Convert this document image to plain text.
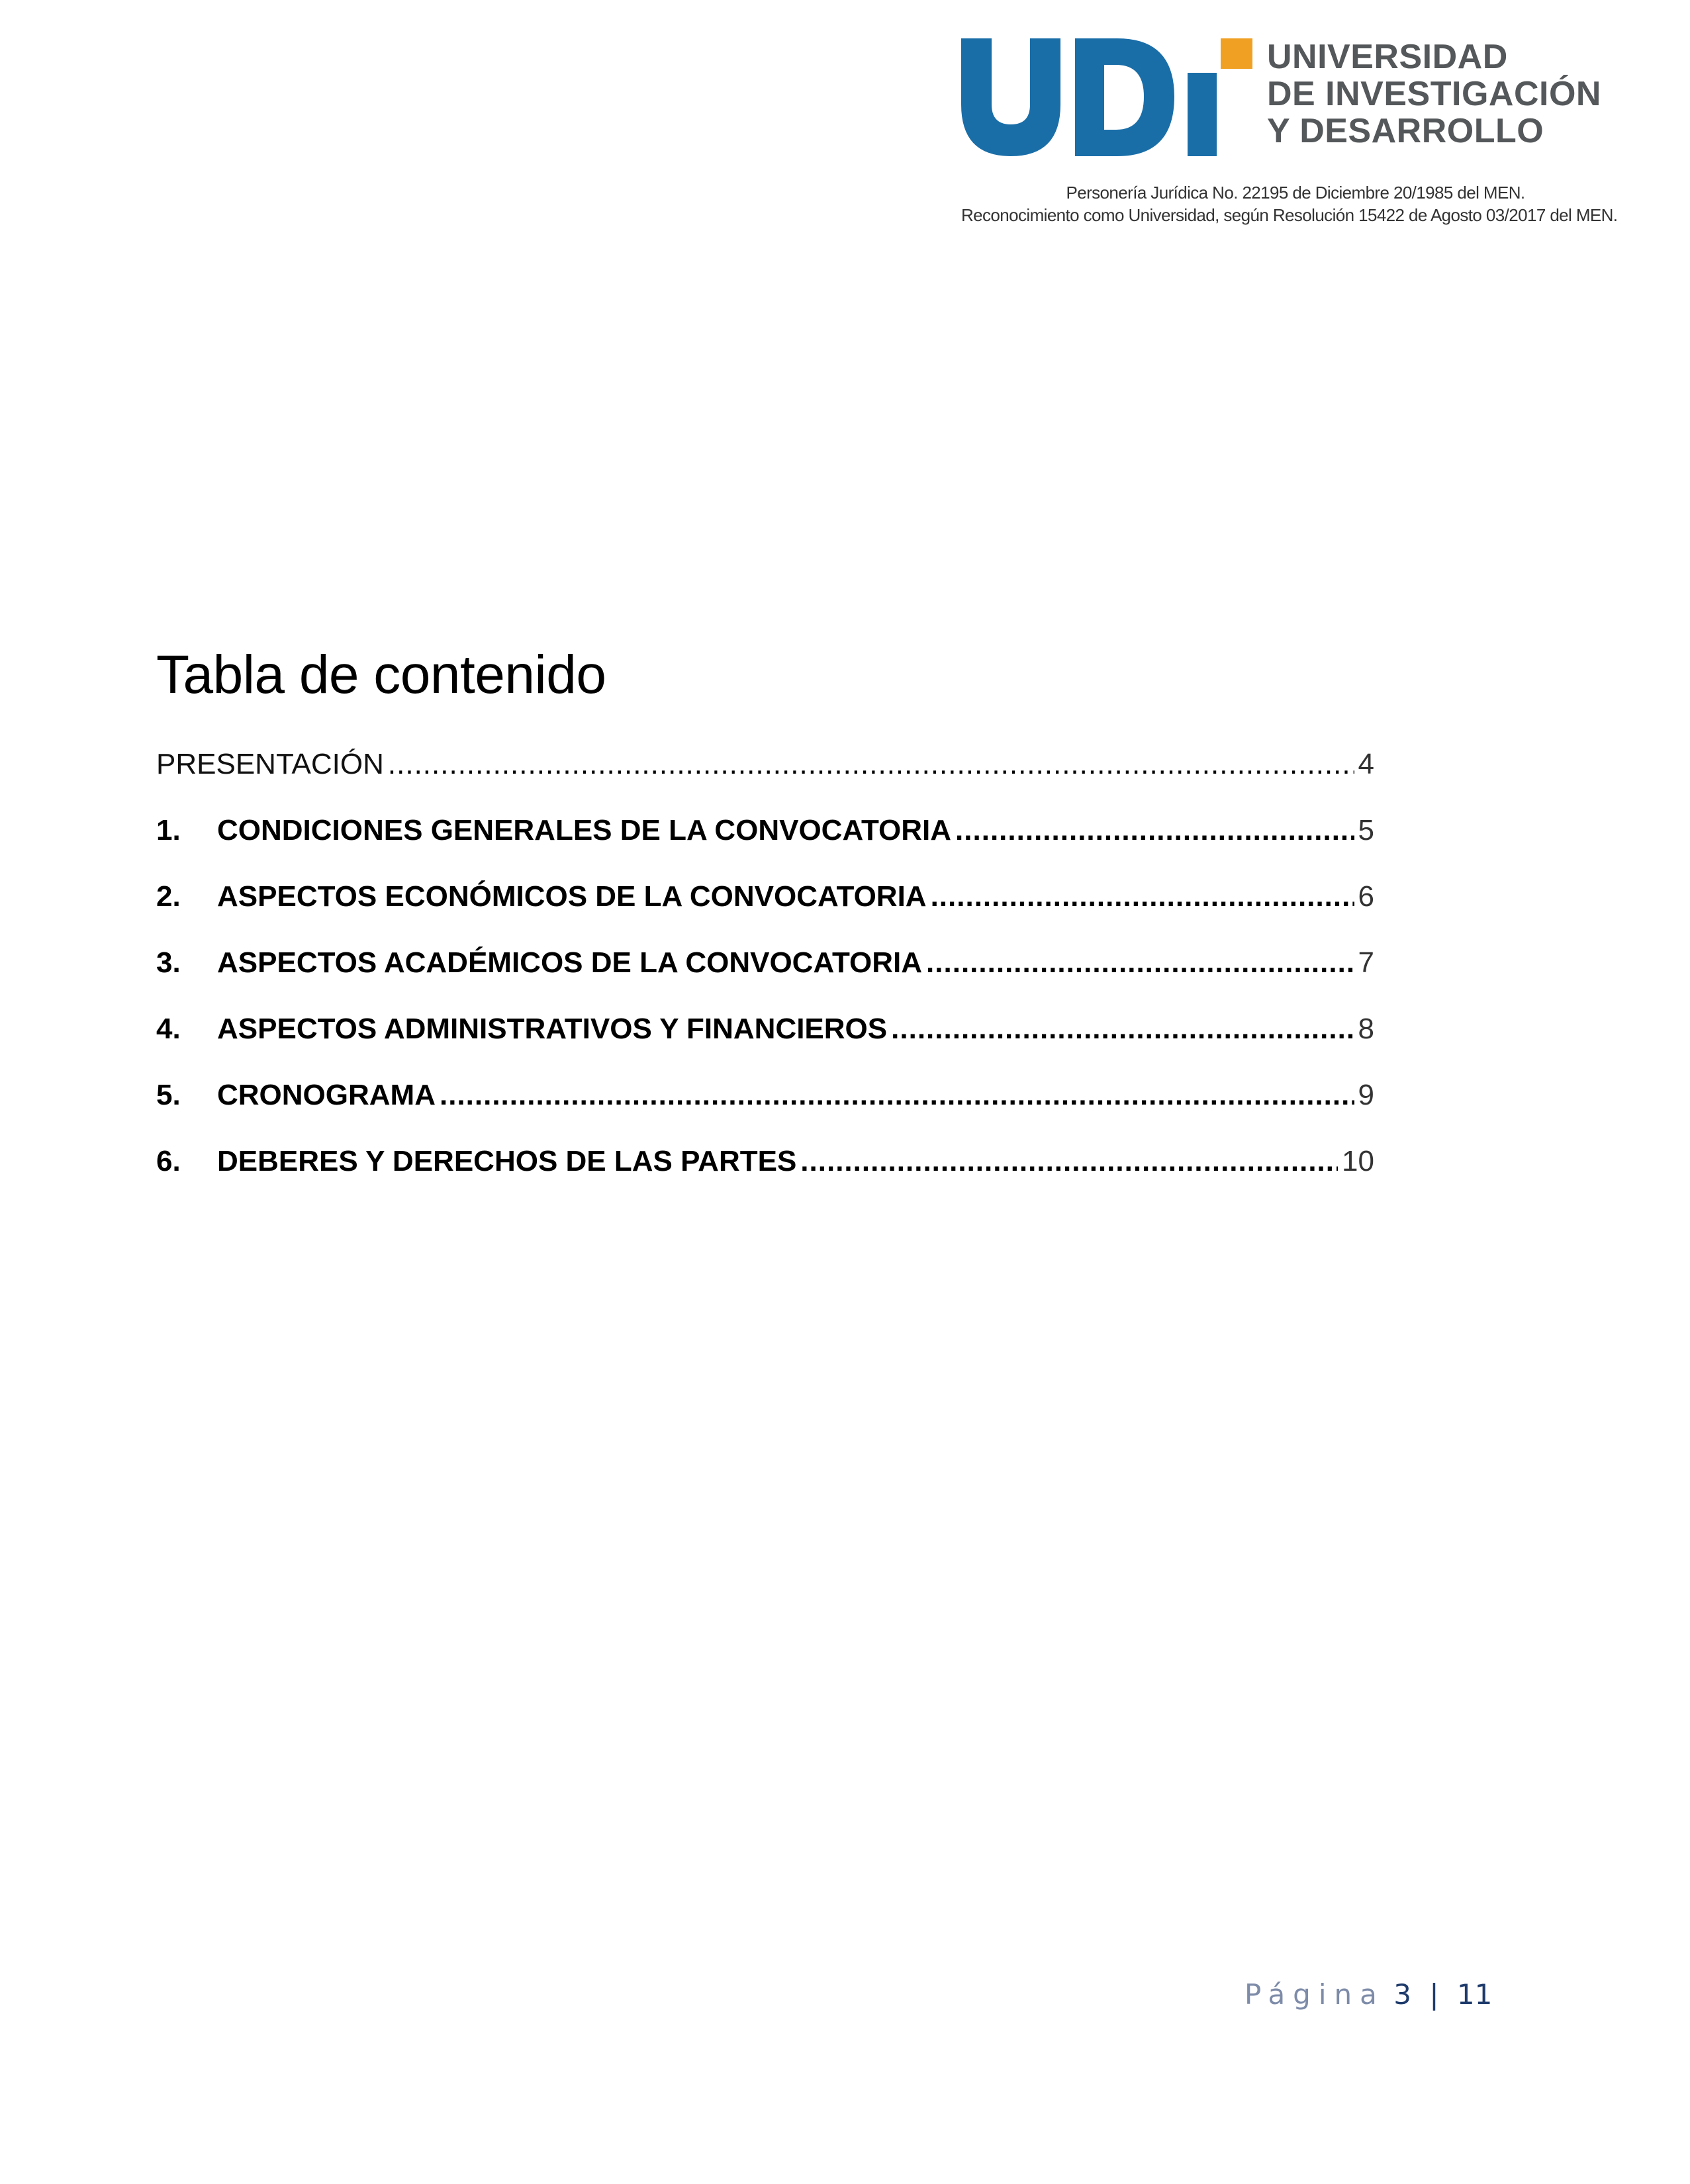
UNIVERSIDAD
DE INVESTIGACIÓN
Y DESARROLLO
Personería Jurídica No. 22195 de Diciembre 20/1985 del MEN.
Reconocimiento como Universidad, según Resolución 15422 de Agosto 03/2017 del MEN.
Tabla de contenido
PRESENTACIÓN .....	4
1.	CONDICIONES GENERALES DE LA CONVOCATORIA .....	5
2.	ASPECTOS ECONÓMICOS DE LA CONVOCATORIA .....	6
3.	ASPECTOS ACADÉMICOS DE LA CONVOCATORIA .....	7
4.	ASPECTOS ADMINISTRATIVOS Y FINANCIEROS .....	8
5.	CRONOGRAMA .....	9
6.	DEBERES Y DERECHOS DE LAS PARTES .....	10
Página 3 | 11
